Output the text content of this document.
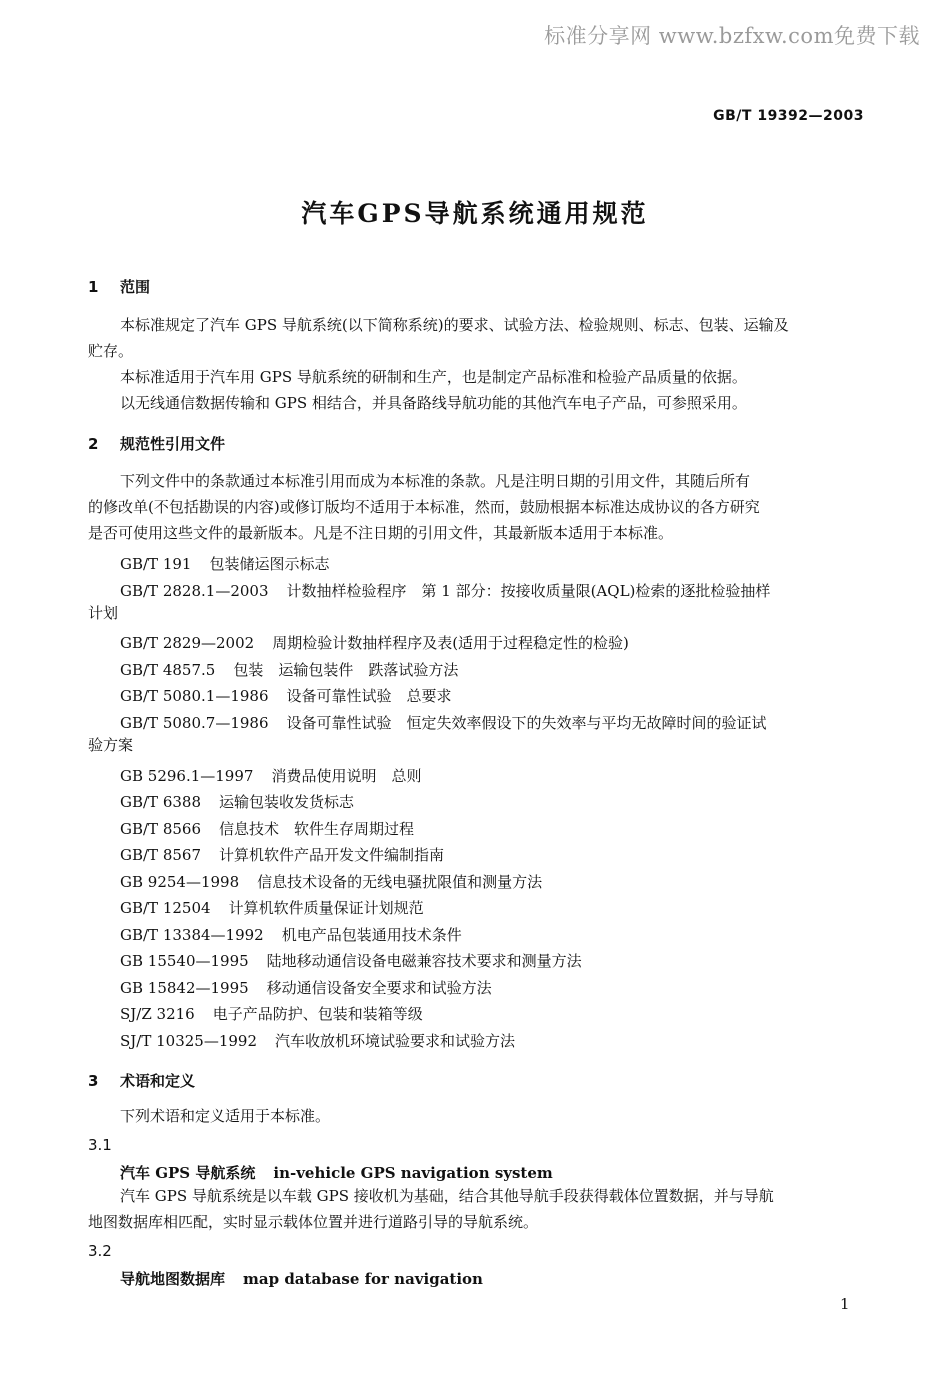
标准分享网 www.bzfxw.com免费下载
GB/T 19392—2003
汽车GPS导航系统通用规范
1 范围
本标准规定了汽车 GPS 导航系统(以下简称系统)的要求、试验方法、检验规则、标志、包装、运输及
贮存。
本标准适用于汽车用 GPS 导航系统的研制和生产，也是制定产品标准和检验产品质量的依据。
以无线通信数据传输和 GPS 相结合，并具备路线导航功能的其他汽车电子产品，可参照采用。
2 规范性引用文件
下列文件中的条款通过本标准引用而成为本标准的条款。凡是注明日期的引用文件，其随后所有
的修改单(不包括勘误的内容)或修订版均不适用于本标准，然而，鼓励根据本标准达成协议的各方研究
是否可使用这些文件的最新版本。凡是不注日期的引用文件，其最新版本适用于本标准。
GB/T 191 包装储运图示标志
GB/T 2828.1—2003 计数抽样检验程序　第 1 部分：按接收质量限(AQL)检索的逐批检验抽样
计划
GB/T 2829—2002 周期检验计数抽样程序及表(适用于过程稳定性的检验)
GB/T 4857.5 包装　运输包装件　跌落试验方法
GB/T 5080.1—1986 设备可靠性试验　总要求
GB/T 5080.7—1986 设备可靠性试验　恒定失效率假设下的失效率与平均无故障时间的验证试
验方案
GB 5296.1—1997 消费品使用说明　总则
GB/T 6388 运输包装收发货标志
GB/T 8566 信息技术　软件生存周期过程
GB/T 8567 计算机软件产品开发文件编制指南
GB 9254—1998 信息技术设备的无线电骚扰限值和测量方法
GB/T 12504 计算机软件质量保证计划规范
GB/T 13384—1992 机电产品包装通用技术条件
GB 15540—1995 陆地移动通信设备电磁兼容技术要求和测量方法
GB 15842—1995 移动通信设备安全要求和试验方法
SJ/Z 3216 电子产品防护、包装和装箱等级
SJ/T 10325—1992 汽车收放机环境试验要求和试验方法
3 术语和定义
下列术语和定义适用于本标准。
3.1
汽车 GPS 导航系统 in-vehicle GPS navigation system
汽车 GPS 导航系统是以车载 GPS 接收机为基础，结合其他导航手段获得载体位置数据，并与导航
地图数据库相匹配，实时显示载体位置并进行道路引导的导航系统。
3.2
导航地图数据库 map database for navigation
1
